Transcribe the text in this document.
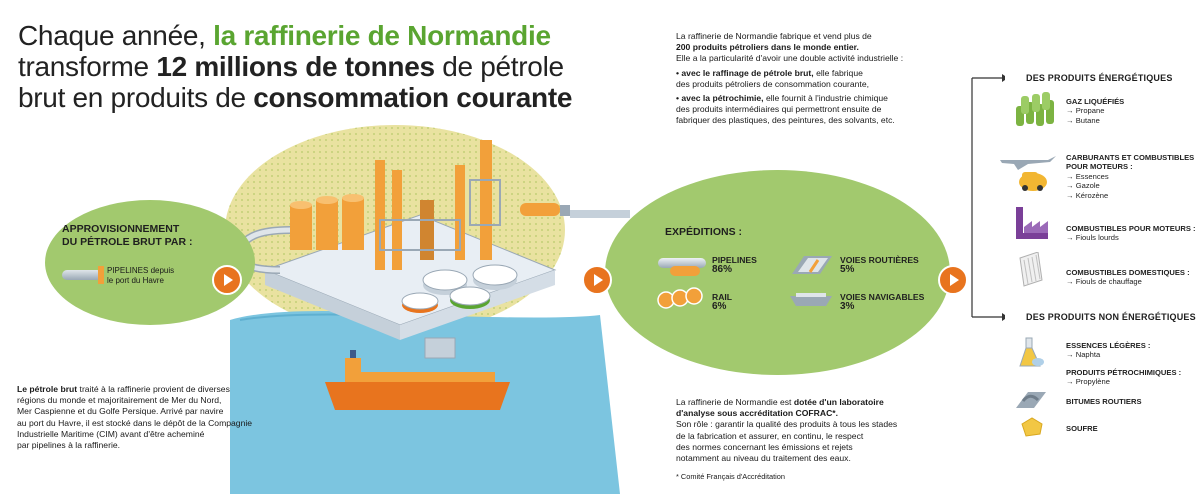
Chaque année, la raffinerie de Normandie
transforme 12 millions de tonnes de pétrole
brut en produits de consommation courante
La raffinerie de Normandie fabrique et vend plus de
200 produits pétroliers dans le monde entier.
Elle a la particularité d'avoir une double activité industrielle :
• avec le raffinage de pétrole brut, elle fabrique
des produits pétroliers de consommation courante,
• avec la pétrochimie, elle fournit à l'industrie chimique
des produits intermédiaires qui permettront ensuite de
fabriquer des plastiques, des peintures, des solvants, etc.
APPROVISIONNEMENT
DU PÉTROLE BRUT PAR :
PIPELINES depuis
le port du Havre
Le pétrole brut traité à la raffinerie provient de diverses
régions du monde et majoritairement de Mer du Nord,
Mer Caspienne et du Golfe Persique. Arrivé par navire
au port du Havre, il est stocké dans le dépôt de la Compagnie
Industrielle Maritime (CIM) avant d'être acheminé
par pipelines à la raffinerie.
EXPÉDITIONS :
PIPELINES
86%
VOIES ROUTIÈRES
5%
RAIL
6%
VOIES NAVIGABLES
3%
La raffinerie de Normandie est dotée d'un laboratoire
d'analyse sous accréditation COFRAC*.
Son rôle : garantir la qualité des produits à tous les stades
de la fabrication et assurer, en continu, le respect
des normes concernant les émissions et rejets
notamment au niveau du traitement des eaux.
* Comité Français d'Accréditation
DES PRODUITS ÉNERGÉTIQUES
DES PRODUITS NON ÉNERGÉTIQUES
GAZ LIQUÉFIÉS
→ Propane
→ Butane
CARBURANTS ET COMBUSTIBLES
POUR MOTEURS :
→ Essences
→ Gazole
→ Kérozène
COMBUSTIBLES POUR MOTEURS :
→ Fiouls lourds
COMBUSTIBLES DOMESTIQUES :
→ Fiouls de chauffage
ESSENCES LÉGÈRES :
→ Naphta
PRODUITS PÉTROCHIMIQUES :
→ Propylène
BITUMES ROUTIERS
SOUFRE
